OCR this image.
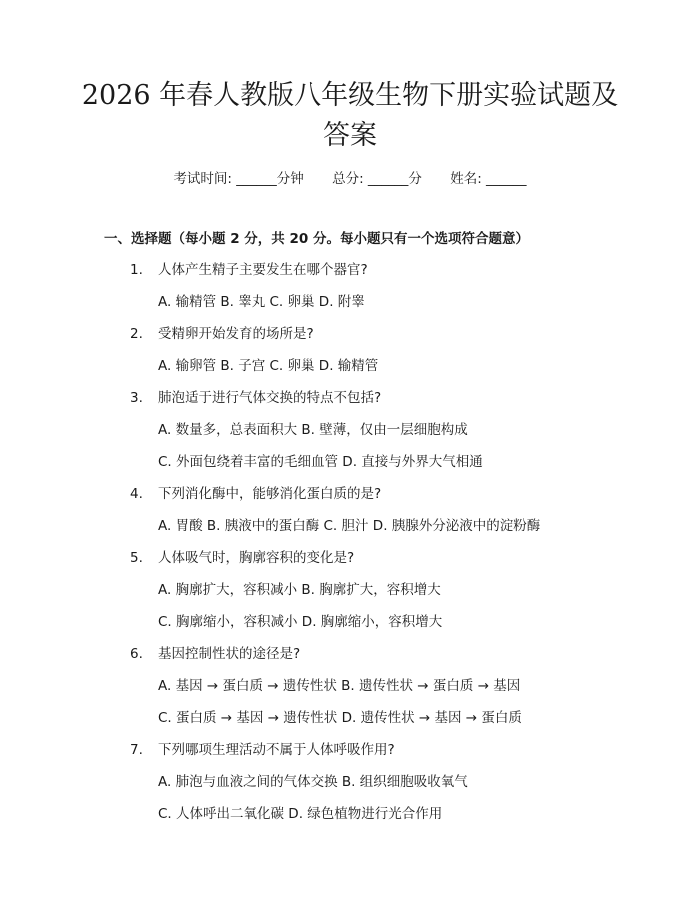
2026 年春人教版八年级生物下册实验试题及
答案
考试时间: ______分钟 总分: ______分 姓名: ______
一、选择题（每小题 2 分，共 20 分。每小题只有一个选项符合题意）
1. 人体产生精子主要发生在哪个器官?
A. 输精管 B. 睾丸 C. 卵巢 D. 附睾
2. 受精卵开始发育的场所是?
A. 输卵管 B. 子宫 C. 卵巢 D. 输精管
3. 肺泡适于进行气体交换的特点不包括?
A. 数量多，总表面积大 B. 壁薄，仅由一层细胞构成
C. 外面包绕着丰富的毛细血管 D. 直接与外界大气相通
4. 下列消化酶中，能够消化蛋白质的是?
A. 胃酸 B. 胰液中的蛋白酶 C. 胆汁 D. 胰腺外分泌液中的淀粉酶
5. 人体吸气时，胸廓容积的变化是?
A. 胸廓扩大，容积减小 B. 胸廓扩大，容积增大
C. 胸廓缩小，容积减小 D. 胸廓缩小，容积增大
6. 基因控制性状的途径是?
A. 基因 → 蛋白质 → 遗传性状 B. 遗传性状 → 蛋白质 → 基因
C. 蛋白质 → 基因 → 遗传性状 D. 遗传性状 → 基因 → 蛋白质
7. 下列哪项生理活动不属于人体呼吸作用?
A. 肺泡与血液之间的气体交换 B. 组织细胞吸收氧气
C. 人体呼出二氧化碳 D. 绿色植物进行光合作用
